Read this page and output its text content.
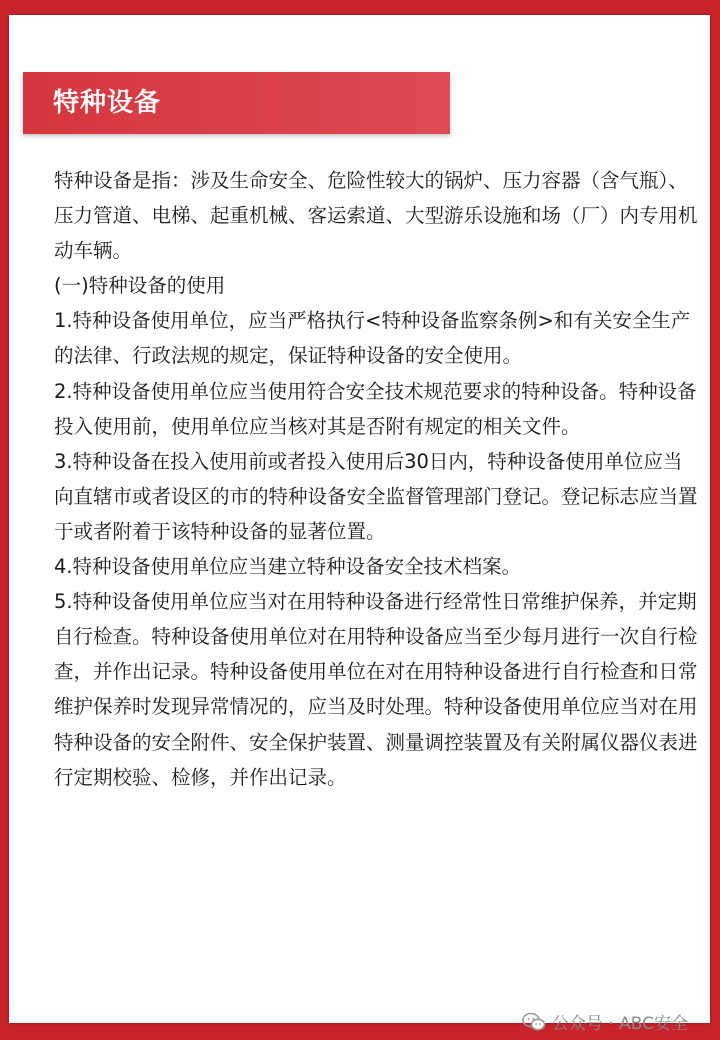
特种设备

特种设备是指：涉及生命安全、危险性较大的锅炉、压力容器（含气瓶）、压力管道、电梯、起重机械、客运索道、大型游乐设施和场（厂）内专用机动车辆。

(一)特种设备的使用

1.特种设备使用单位，应当严格执行<特种设备监察条例>和有关安全生产的法律、行政法规的规定，保证特种设备的安全使用。

2.特种设备使用单位应当使用符合安全技术规范要求的特种设备。特种设备投入使用前，使用单位应当核对其是否附有规定的相关文件。

3.特种设备在投入使用前或者投入使用后30日内，特种设备使用单位应当向直辖市或者设区的市的特种设备安全监督管理部门登记。登记标志应当置于或者附着于该特种设备的显著位置。

4.特种设备使用单位应当建立特种设备安全技术档案。

5.特种设备使用单位应当对在用特种设备进行经常性日常维护保养，并定期自行检查。特种设备使用单位对在用特种设备应当至少每月进行一次自行检查，并作出记录。特种设备使用单位在对在用特种设备进行自行检查和日常维护保养时发现异常情况的，应当及时处理。特种设备使用单位应当对在用特种设备的安全附件、安全保护装置、测量调控装置及有关附属仪器仪表进行定期校验、检修，并作出记录。

公众号 · ABC安全
